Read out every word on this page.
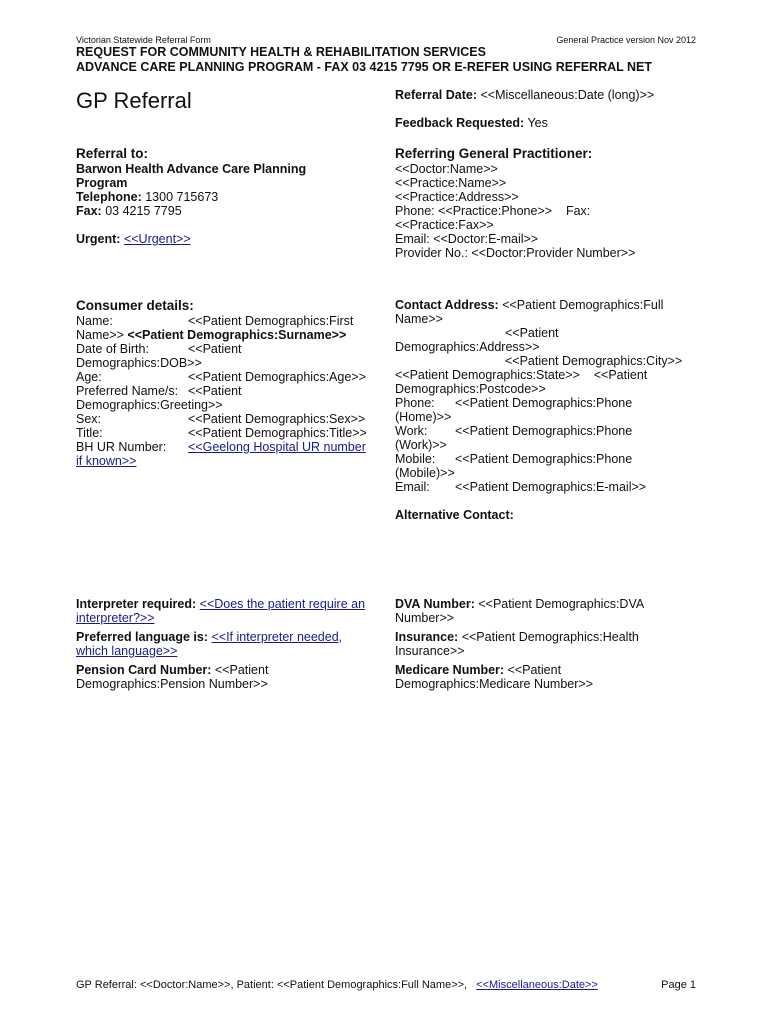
Victorian Statewide Referral Form	General Practice version Nov 2012
REQUEST FOR COMMUNITY HEALTH & REHABILITATION SERVICES
ADVANCE CARE PLANNING PROGRAM - FAX 03 4215 7795 OR E-REFER USING REFERRAL NET
GP Referral	Referral Date: <<Miscellaneous:Date (long)>>
Feedback Requested: Yes
Referral to:
Barwon Health Advance Care Planning
Program
Telephone: 1300 715673
Fax: 03 4215 7795
Urgent: <<Urgent>>
Referring General Practitioner:
<<Doctor:Name>>
<<Practice:Name>>
<<Practice:Address>>
Phone: <<Practice:Phone>>    Fax:
<<Practice:Fax>>
Email: <<Doctor:E-mail>>
Provider No.: <<Doctor:Provider Number>>
Consumer details:
Name:	<<Patient Demographics:First
Name>> <<Patient Demographics:Surname>>
Date of Birth:	<<Patient
Demographics:DOB>>
Age:	<<Patient Demographics:Age>>
Preferred Name/s: <<Patient
Demographics:Greeting>>
Sex:	<<Patient Demographics:Sex>>
Title:	<<Patient Demographics:Title>>
BH UR Number:	<<Geelong Hospital UR number
if known>>
Contact Address: <<Patient Demographics:Full
Name>>
<<Patient
Demographics:Address>>
<<Patient Demographics:City>>
<<Patient Demographics:State>>    <<Patient
Demographics:Postcode>>
Phone:	<<Patient Demographics:Phone
(Home)>>
Work:	<<Patient Demographics:Phone
(Work)>>
Mobile:	<<Patient Demographics:Phone
(Mobile)>>
Email:	<<Patient Demographics:E-mail>>
Alternative Contact:
Interpreter required: <<Does the patient require an
interpreter?>>
Preferred language is: <<If interpreter needed,
which language>>
Pension Card Number: <<Patient
Demographics:Pension Number>>
DVA Number: <<Patient Demographics:DVA
Number>>
Insurance: <<Patient Demographics:Health
Insurance>>
Medicare Number: <<Patient
Demographics:Medicare Number>>
GP Referral: <<Doctor:Name>>, Patient: <<Patient Demographics:Full Name>>, <<Miscellaneous:Date>>	Page 1
